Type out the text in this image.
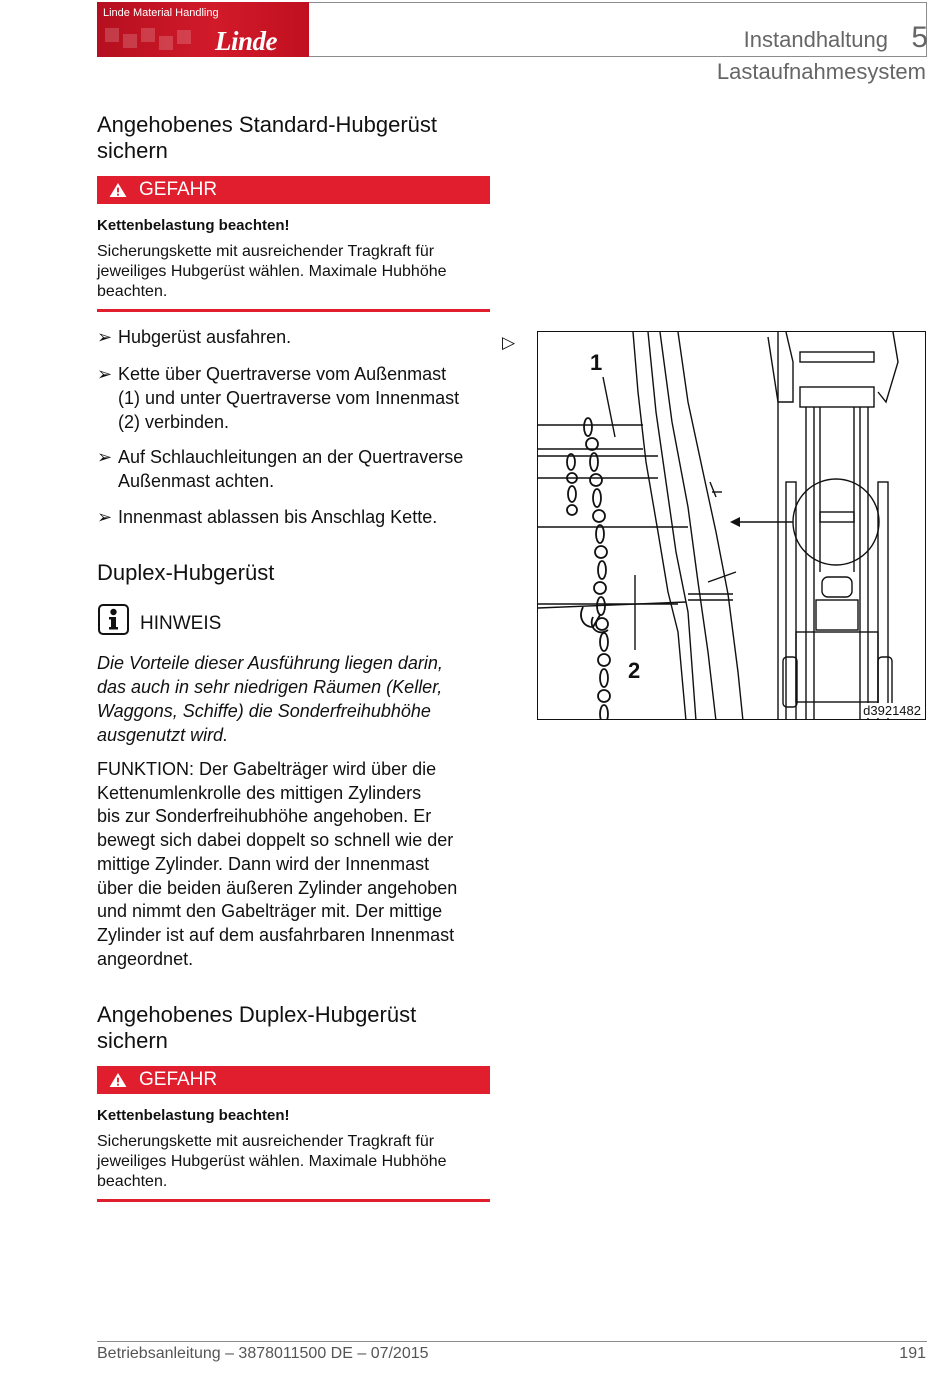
Linde Material Handling
Linde	Instandhaltung 5
Lastaufnahmesystem
Angehobenes Standard-Hubgerüst
sichern
GEFAHR
Kettenbelastung beachten!
Sicherungskette mit ausreichender Tragkraft für
jeweiliges Hubgerüst wählen. Maximale Hubhöhe
beachten.
➢ Hubgerüst ausfahren.
➢ Kette über Quertraverse vom Außenmast
(1) und unter Quertraverse vom Innenmast
(2) verbinden.
➢ Auf Schlauchleitungen an der Quertraverse
Außenmast achten.
➢ Innenmast ablassen bis Anschlag Kette.
▷
1
2
d3921482
Duplex-Hubgerüst
HINWEIS
Die Vorteile dieser Ausführung liegen darin,
das auch in sehr niedrigen Räumen (Keller,
Waggons, Schiffe) die Sonderfreihubhöhe
ausgenutzt wird.
FUNKTION: Der Gabelträger wird über die
Kettenumlenkrolle des mittigen Zylinders
bis zur Sonderfreihubhöhe angehoben. Er
bewegt sich dabei doppelt so schnell wie der
mittige Zylinder. Dann wird der Innenmast
über die beiden äußeren Zylinder angehoben
und nimmt den Gabelträger mit. Der mittige
Zylinder ist auf dem ausfahrbaren Innenmast
angeordnet.
Angehobenes Duplex-Hubgerüst
sichern
GEFAHR
Kettenbelastung beachten!
Sicherungskette mit ausreichender Tragkraft für
jeweiliges Hubgerüst wählen. Maximale Hubhöhe
beachten.
Betriebsanleitung – 3878011500 DE – 07/2015	191
